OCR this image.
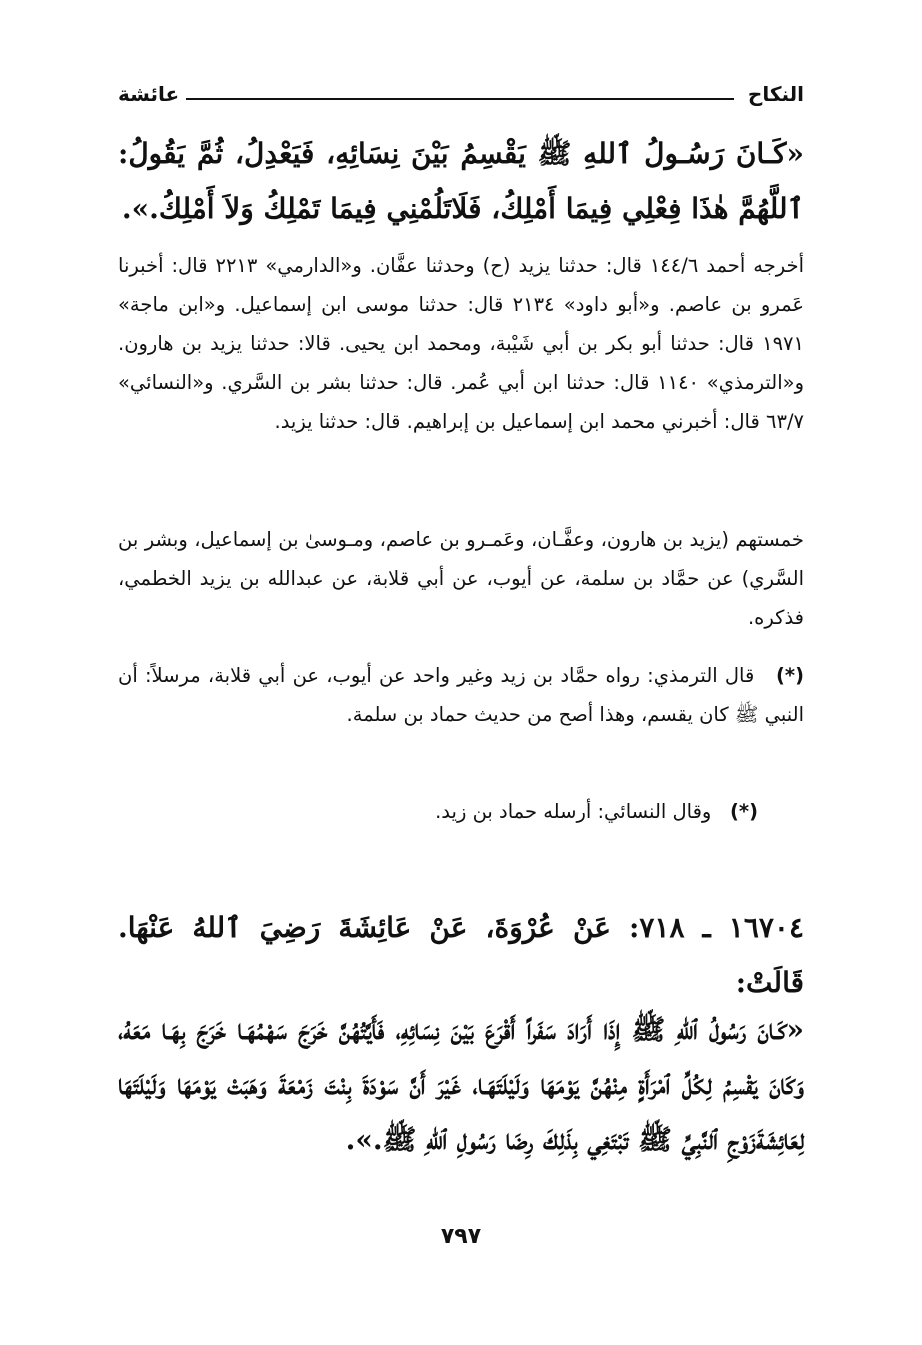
عائشة	النكاح
«كَـانَ رَسُـولُ ٱللهِ ﷺ يَقْسِمُ بَيْنَ نِسَائِهِ، فَيَعْدِلُ، ثُمَّ يَقُولُ: ٱللَّهُمَّ هٰذَا فِعْلِي فِيمَا أَمْلِكُ، فَلَاتَلُمْنِي فِيمَا تَمْلِكُ وَلاَ أَمْلِكُ.».
أخرجه أحمد ١٤٤/٦ قال: حدثنا يزيد (ح) وحدثنا عفَّان. و«الدارمي» ٢٢١٣ قال: أخبرنا عَمرو بن عاصم. و«أبو داود» ٢١٣٤ قال: حدثنا موسى ابن إسماعيل. و«ابن ماجة» ١٩٧١ قال: حدثنا أبو بكر بن أبي شَيْبة، ومحمد ابن يحيى. قالا: حدثنا يزيد بن هارون. و«الترمذي» ١١٤٠ قال: حدثنا ابن أبي عُمر. قال: حدثنا بشر بن السَّري. و«النسائي» ٦٣/٧ قال: أخبرني محمد ابن إسماعيل بن إبراهيم. قال: حدثنا يزيد.
خمستهم (يزيد بن هارون، وعفَّـان، وعَمـرو بن عاصم، ومـوسىٰ بن إسماعيل، وبشر بن السَّري) عن حمَّاد بن سلمة، عن أيوب، عن أبي قلابة، عن عبدالله بن يزيد الخطمي، فذكره.
(*)   قال الترمذي: رواه حمَّاد بن زيد وغير واحد عن أيوب، عن أبي قلابة، مرسلاً: أن النبي ﷺ كان يقسم، وهذا أصح من حديث حماد بن سلمة.
(*)   وقال النسائي: أرسله حماد بن زيد.
١٦٧٠٤ ـ ٧١٨: عَنْ عُرْوَةَ، عَنْ عَائِشَةَ رَضِيَ ٱللهُ عَنْهَا. قَالَتْ:
«كَـانَ رَسُولُ ٱللهِ ﷺ إِذَا أَرَادَ سَفَراً أَقْرَعَ بَيْنَ نِسَائِهِ، فَأَيَّتُهُنَّ خَرَجَ سَهْمُهَـا خَرَجَ بِهَـا مَعَهُ، وَكَانَ يَقْسِمُ لِكُلِّ ٱمْرَأَةٍ مِنْهُنَّ يَوْمَهَا وَلَيْلَتَهَـا، غَيْرَ أَنَّ سَوْدَةَ بِنْتَ زَمْعَةَ وَهَبَتْ يَوْمَهَا وَلَيْلَتَهَا لِعَائِشَةَزَوْجِ ٱلنَّبِيِّ ﷺ تَبْتَغِي بِذَلِكَ رِضَا رَسُولِ ٱللهِ ﷺ.».
٧٩٧
